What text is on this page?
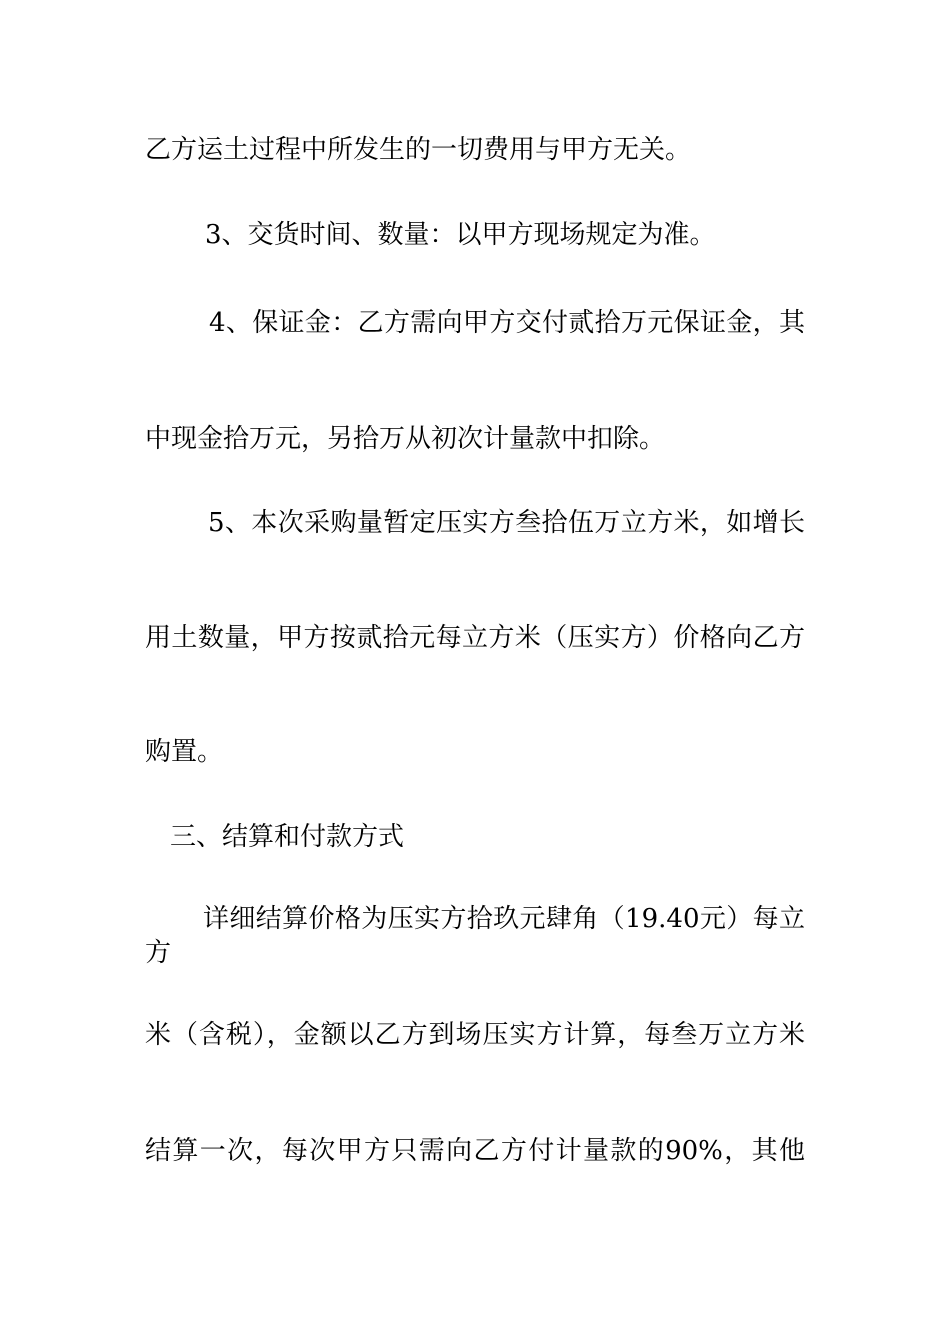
乙方运土过程中所发生的一切费用与甲方无关。
3、交货时间、数量：以甲方现场规定为准。
4、保证金：乙方需向甲方交付贰拾万元保证金，其
中现金拾万元，另拾万从初次计量款中扣除。
5、本次采购量暂定压实方叁拾伍万立方米，如增长
用土数量，甲方按贰拾元每立方米（压实方）价格向乙方
购置。
三、结算和付款方式
详细结算价格为压实方拾玖元肆角（19.40元）每立方
米（含税），金额以乙方到场压实方计算，每叁万立方米
结算一次，每次甲方只需向乙方付计量款的90%，其他
